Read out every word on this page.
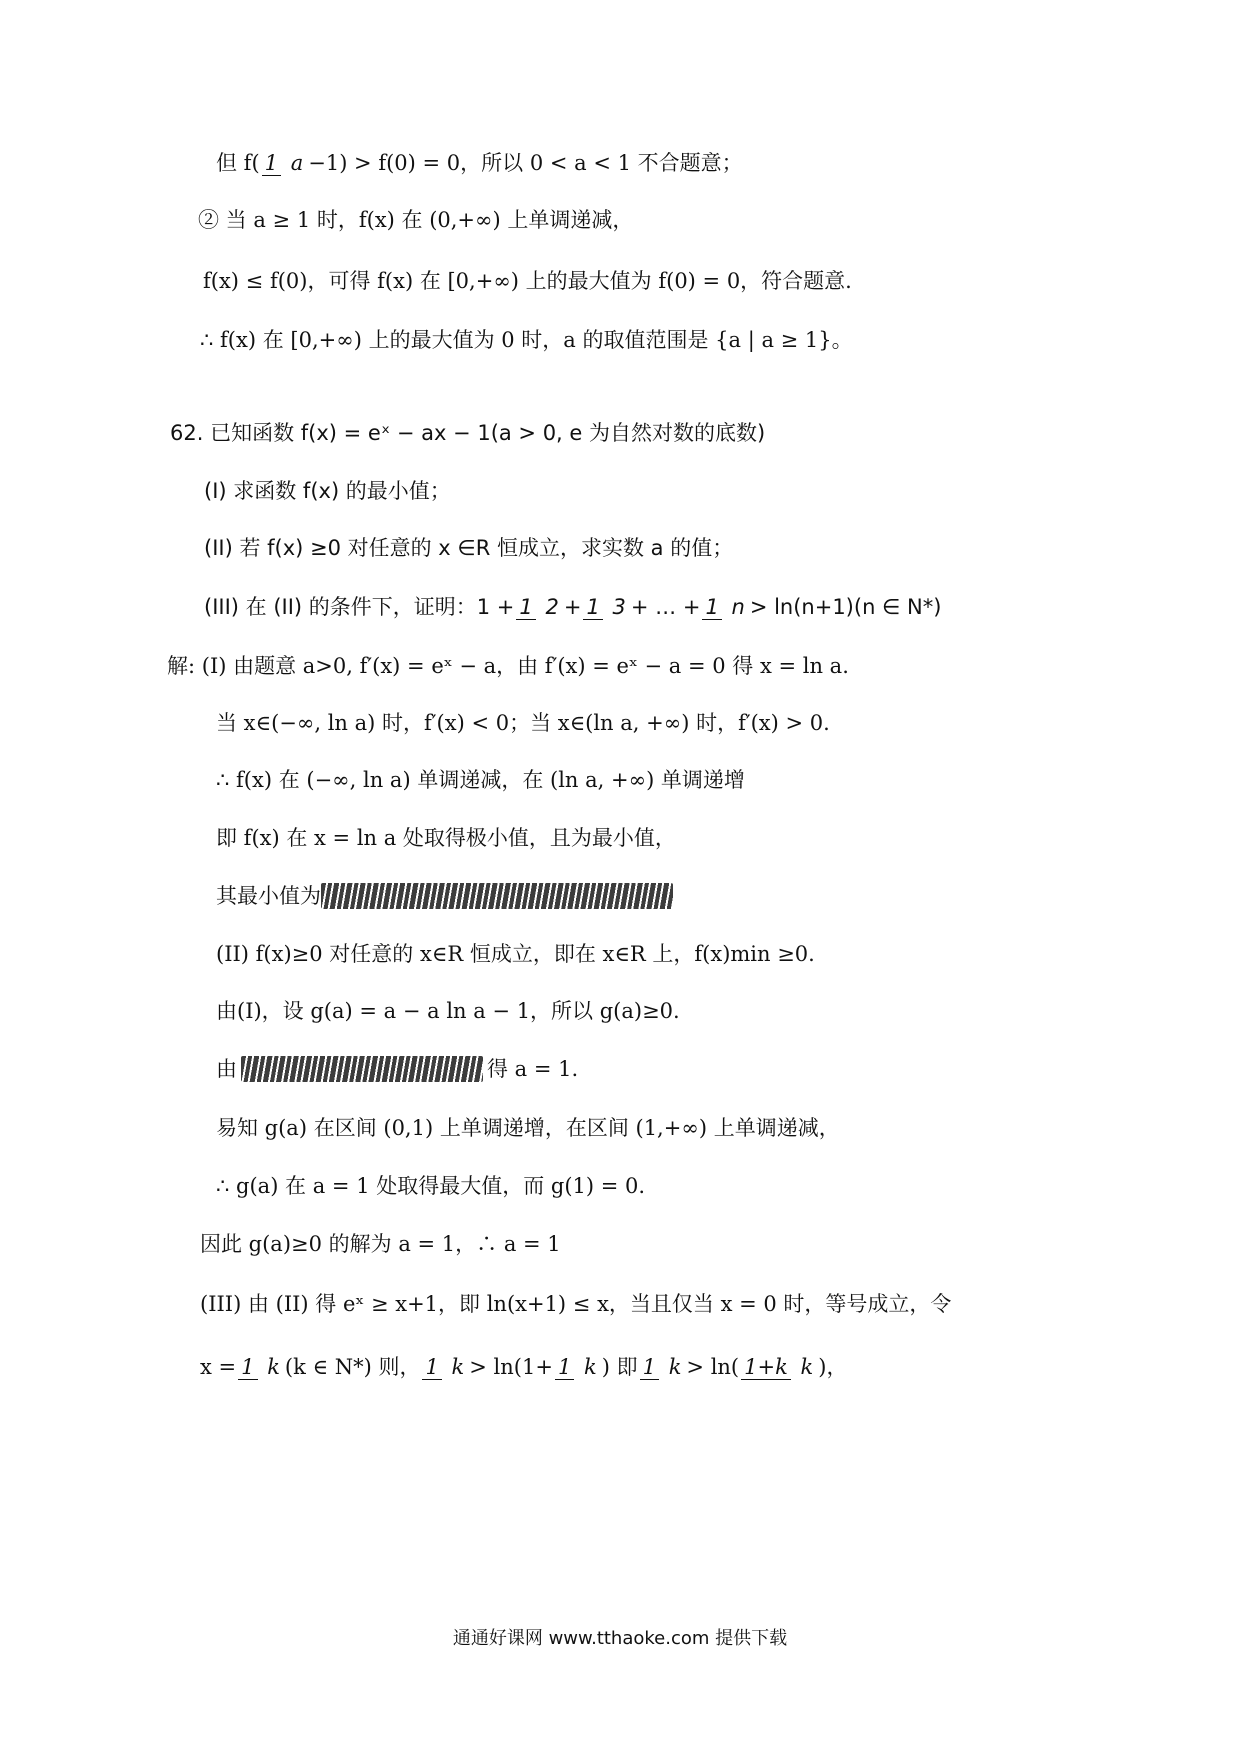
但 f( 1 a −1) > f(0) = 0，所以 0 < a < 1 不合题意；
② 当 a ≥ 1 时，f(x) 在 (0,+∞) 上单调递减，
f(x) ≤ f(0)，可得 f(x) 在 [0,+∞) 上的最大值为 f(0) = 0，符合题意.
∴ f(x) 在 [0,+∞) 上的最大值为 0 时，a 的取值范围是 {a | a ≥ 1}。
62. 已知函数 f(x) = eˣ − ax − 1(a > 0, e 为自然对数的底数)
(I) 求函数 f(x) 的最小值；
(II) 若 f(x) ≥0 对任意的 x ∈R 恒成立，求实数 a 的值；
(III) 在 (II) 的条件下，证明：1 + 1 2 + 1 3 + … + 1 n > ln(n+1)(n ∈ N*)
解: (I) 由题意 a>0, f′(x) = eˣ − a，由 f′(x) = eˣ − a = 0 得 x = ln a.
当 x∈(−∞, ln a) 时，f′(x) < 0；当 x∈(ln a, +∞) 时，f′(x) > 0.
∴ f(x) 在 (−∞, ln a) 单调递减，在 (ln a, +∞) 单调递增
即 f(x) 在 x = ln a 处取得极小值，且为最小值，
其最小值为
(II) f(x)≥0 对任意的 x∈R 恒成立，即在 x∈R 上，f(x)min ≥0.
由(I)，设 g(a) = a − a ln a − 1，所以 g(a)≥0.
由	得 a = 1.
易知 g(a) 在区间 (0,1) 上单调递增，在区间 (1,+∞) 上单调递减，
∴ g(a) 在 a = 1 处取得最大值，而 g(1) = 0.
因此 g(a)≥0 的解为 a = 1，∴ a = 1
(III) 由 (II) 得 eˣ ≥ x+1，即 ln(x+1) ≤ x，当且仅当 x = 0 时，等号成立，令
x = 1 k (k ∈ N*) 则， 1 k > ln(1+ 1 k ) 即 1 k > ln( 1+k k )，
通通好课网 www.tthaoke.com 提供下载
